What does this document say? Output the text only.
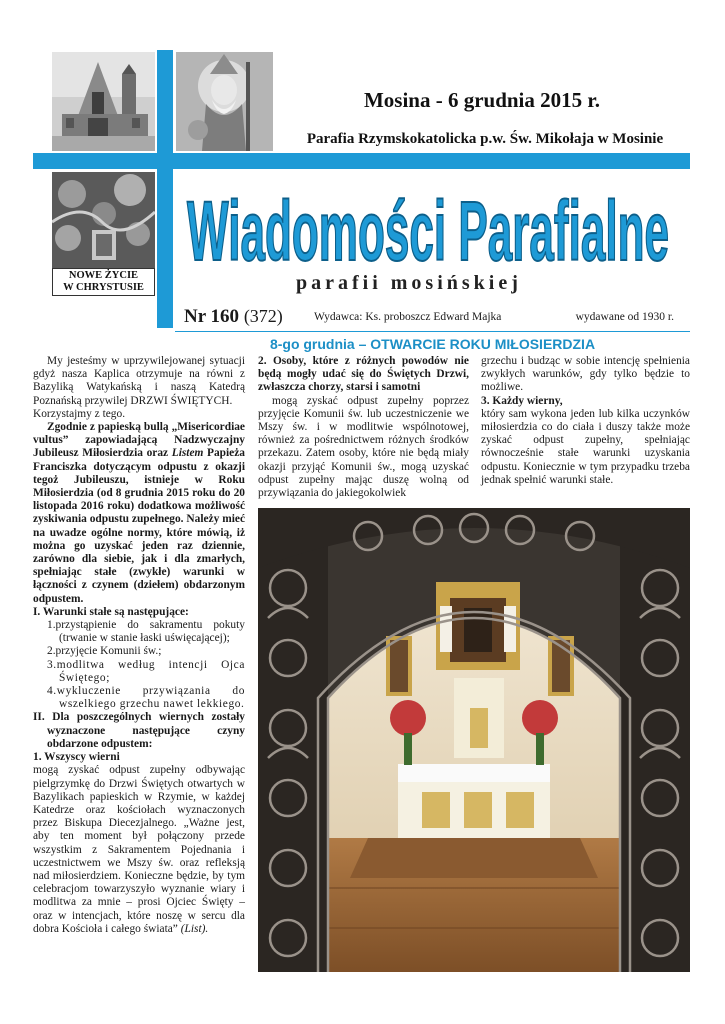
NOWE ŻYCIE
W CHRYSTUSIE
Mosina - 6 grudnia 2015 r.
Parafia Rzymskokatolicka p.w. Św. Mikołaja w Mosinie
Wiadomości Parafialne
parafii mosińskiej
Nr 160 (372)	Wydawca: Ks. proboszcz Edward Majka	wydawane od 1930 r.
8-go grudnia – OTWARCIE ROKU MIŁOSIERDZIA

My jesteśmy w uprzywilejowanej sytuacji gdyż nasza Kaplica otrzymuje na równi z Bazyliką Watykańską i naszą Katedrą Poznańską przywilej DRZWI ŚWIĘTYCH.

Korzystajmy z tego.

Zgodnie z papieską bullą „Misericordiae vultus” zapowiadającą Nadzwyczajny Jubileusz Miłosierdzia oraz Listem Papieża Franciszka dotyczącym odpustu z okazji tegoż Jubileuszu, istnieje w Roku Miłosierdzia (od 8 grudnia 2015 roku do 20 listopada 2016 roku) dodatkowa możliwość zyskiwania odpustu zupełnego. Należy mieć na uwadze ogólne normy, które mówią, iż można go uzyskać jeden raz dziennie, zarówno dla siebie, jak i dla zmarłych, spełniając stałe (zwykłe) warunki w łączności z czynem (dziełem) obdarzonym odpustem.

I. Warunki stałe są następujące:

1.przystąpienie do sakramentu pokuty (trwanie w stanie łaski uświęcającej);

2.przyjęcie Komunii św.;

3.modlitwa według intencji Ojca Świętego;

4.wykluczenie przywiązania do wszelkiego grzechu nawet lekkiego.

II. Dla poszczególnych wiernych zostały wyznaczone następujące czyny obdarzone odpustem:

1. Wszyscy wierni

mogą zyskać odpust zupełny odbywając pielgrzymkę do Drzwi Świętych otwartych w Bazylikach papieskich w Rzymie, w każdej Katedrze oraz kościołach wyznaczonych przez Biskupa Diecezjalnego. „Ważne jest, aby ten moment był połączony przede wszystkim z Sakramentem Pojednania i uczestnictwem we Mszy św. oraz refleksją nad miłosierdziem. Konieczne będzie, by tym celebracjom towarzyszyło wyznanie wiary i modlitwa za mnie – prosi Ojciec Święty – oraz w intencjach, które noszę w sercu dla dobra Kościoła i całego świata” (List).

2. Osoby, które z różnych powodów nie będą mogły udać się do Świętych Drzwi, zwłaszcza chorzy, starsi i samotni

mogą zyskać odpust zupełny poprzez przyjęcie Komunii św. lub uczestniczenie we Mszy św. i w modlitwie wspólnotowej, również za pośrednictwem różnych środków przekazu. Zatem osoby, które nie będą miały okazji przyjąć Komunii św., mogą uzyskać odpust zupełny mając duszę wolną od przywiązania do jakiegokolwiek

grzechu i budząc w sobie intencję spełnienia zwykłych warunków, gdy tylko będzie to możliwe.

3. Każdy wierny,

który sam wykona jeden lub kilka uczynków miłosierdzia co do ciała i duszy także może zyskać odpust zupełny, spełniając równocześnie stałe warunki uzyskania odpustu. Koniecznie w tym przypadku trzeba jednak spełnić warunki stałe.
